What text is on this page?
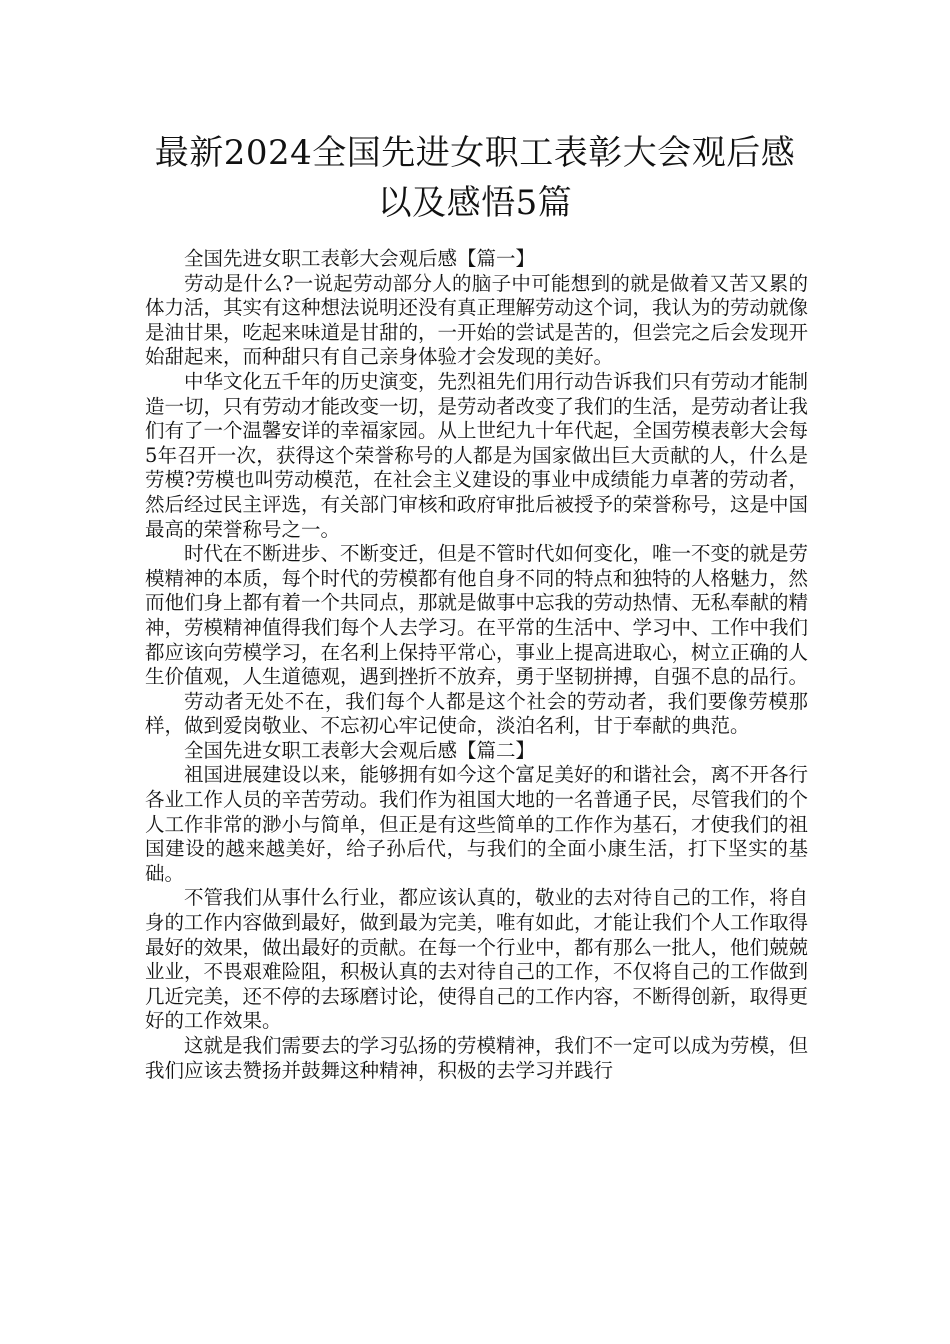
最新2024全国先进女职工表彰大会观后感
以及感悟5篇

全国先进女职工表彰大会观后感【篇一】

劳动是什么?一说起劳动部分人的脑子中可能想到的就是做着又苦又累的体力活，其实有这种想法说明还没有真正理解劳动这个词，我认为的劳动就像是油甘果，吃起来味道是甘甜的，一开始的尝试是苦的，但尝完之后会发现开始甜起来，而种甜只有自己亲身体验才会发现的美好。

中华文化五千年的历史演变，先烈祖先们用行动告诉我们只有劳动才能制造一切，只有劳动才能改变一切，是劳动者改变了我们的生活，是劳动者让我们有了一个温馨安详的幸福家园。从上世纪九十年代起，全国劳模表彰大会每5年召开一次，获得这个荣誉称号的人都是为国家做出巨大贡献的人，什么是劳模?劳模也叫劳动模范，在社会主义建设的事业中成绩能力卓著的劳动者，然后经过民主评选，有关部门审核和政府审批后被授予的荣誉称号，这是中国最高的荣誉称号之一。

时代在不断进步、不断变迁，但是不管时代如何变化，唯一不变的就是劳模精神的本质，每个时代的劳模都有他自身不同的特点和独特的人格魅力，然而他们身上都有着一个共同点，那就是做事中忘我的劳动热情、无私奉献的精神，劳模精神值得我们每个人去学习。在平常的生活中、学习中、工作中我们都应该向劳模学习，在名利上保持平常心，事业上提高进取心，树立正确的人生价值观，人生道德观，遇到挫折不放弃，勇于坚韧拼搏，自强不息的品行。

劳动者无处不在，我们每个人都是这个社会的劳动者，我们要像劳模那样，做到爱岗敬业、不忘初心牢记使命，淡泊名利，甘于奉献的典范。

全国先进女职工表彰大会观后感【篇二】

祖国进展建设以来，能够拥有如今这个富足美好的和谐社会，离不开各行各业工作人员的辛苦劳动。我们作为祖国大地的一名普通子民，尽管我们的个人工作非常的渺小与简单，但正是有这些简单的工作作为基石，才使我们的祖国建设的越来越美好，给子孙后代，与我们的全面小康生活，打下坚实的基础。

不管我们从事什么行业，都应该认真的，敬业的去对待自己的工作，将自身的工作内容做到最好，做到最为完美，唯有如此，才能让我们个人工作取得最好的效果，做出最好的贡献。在每一个行业中，都有那么一批人，他们兢兢业业，不畏艰难险阻，积极认真的去对待自己的工作，不仅将自己的工作做到几近完美，还不停的去琢磨讨论，使得自己的工作内容，不断得创新，取得更好的工作效果。

这就是我们需要去的学习弘扬的劳模精神，我们不一定可以成为劳模，但我们应该去赞扬并鼓舞这种精神，积极的去学习并践行
